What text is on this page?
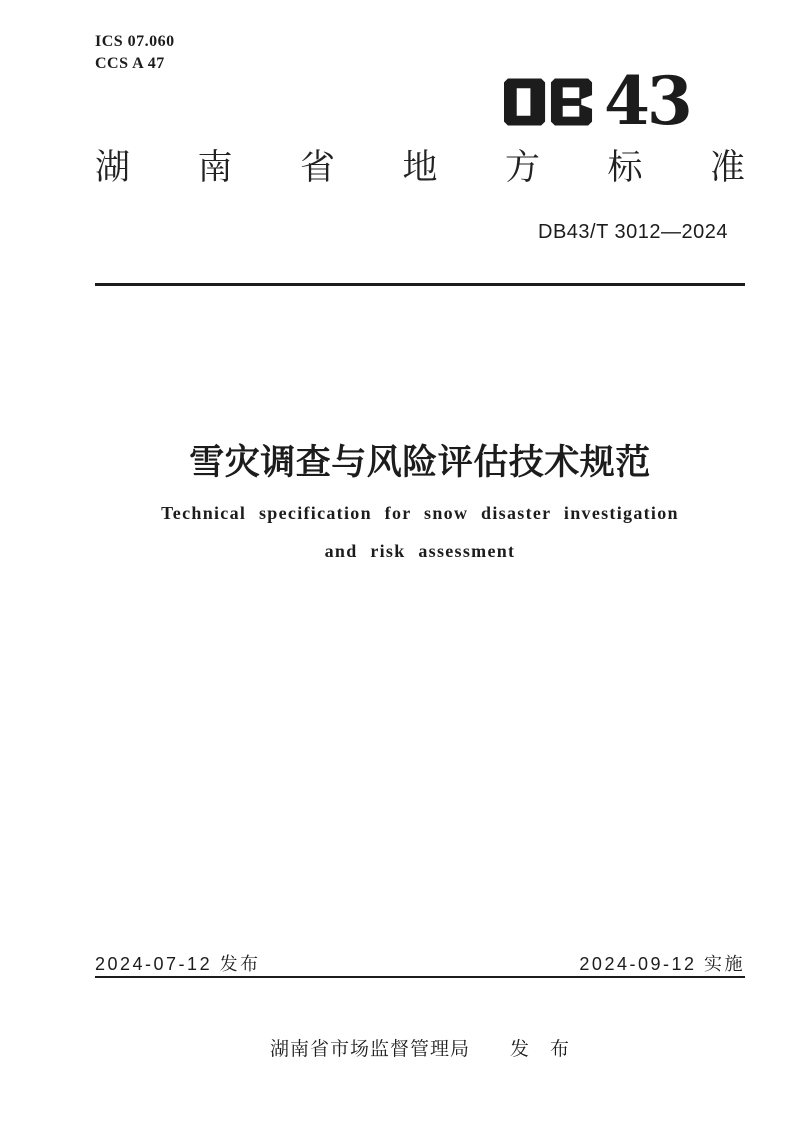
ICS 07.060
CCS A 47	43
湖南省地方标准
DB43/T 3012—2024
雪灾调查与风险评估技术规范
Technical specification for snow disaster investigation
and risk assessment
2024-07-12 发布	2024-09-12 实施
湖南省市场监督管理局　　发　布
